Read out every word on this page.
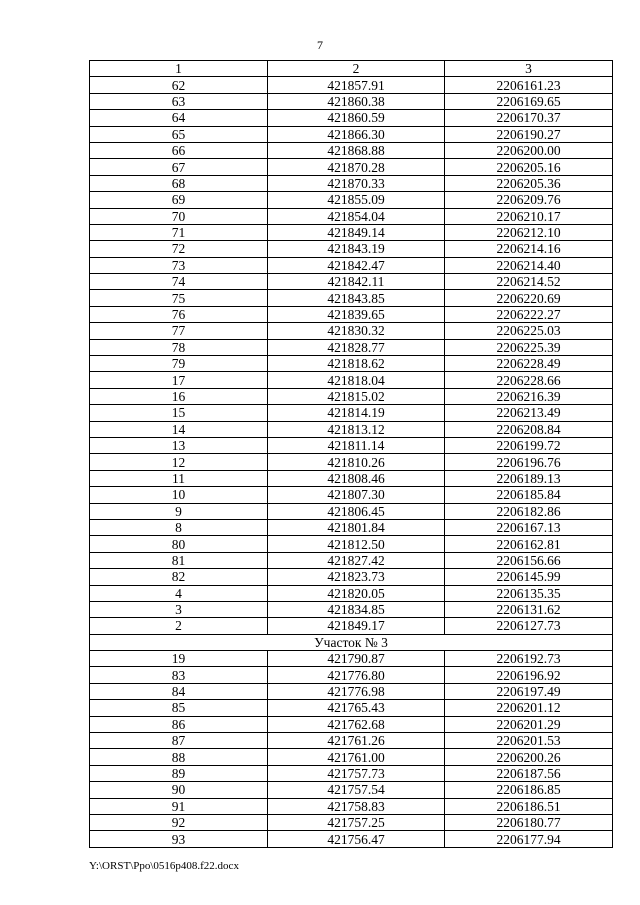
7
1	2	3
62	421857.91	2206161.23
63	421860.38	2206169.65
64	421860.59	2206170.37
65	421866.30	2206190.27
66	421868.88	2206200.00
67	421870.28	2206205.16
68	421870.33	2206205.36
69	421855.09	2206209.76
70	421854.04	2206210.17
71	421849.14	2206212.10
72	421843.19	2206214.16
73	421842.47	2206214.40
74	421842.11	2206214.52
75	421843.85	2206220.69
76	421839.65	2206222.27
77	421830.32	2206225.03
78	421828.77	2206225.39
79	421818.62	2206228.49
17	421818.04	2206228.66
16	421815.02	2206216.39
15	421814.19	2206213.49
14	421813.12	2206208.84
13	421811.14	2206199.72
12	421810.26	2206196.76
11	421808.46	2206189.13
10	421807.30	2206185.84
9	421806.45	2206182.86
8	421801.84	2206167.13
80	421812.50	2206162.81
81	421827.42	2206156.66
82	421823.73	2206145.99
4	421820.05	2206135.35
3	421834.85	2206131.62
2	421849.17	2206127.73
Участок № 3		
19	421790.87	2206192.73
83	421776.80	2206196.92
84	421776.98	2206197.49
85	421765.43	2206201.12
86	421762.68	2206201.29
87	421761.26	2206201.53
88	421761.00	2206200.26
89	421757.73	2206187.56
90	421757.54	2206186.85
91	421758.83	2206186.51
92	421757.25	2206180.77
93	421756.47	2206177.94
Y:\ORST\Ppo\0516p408.f22.docx
